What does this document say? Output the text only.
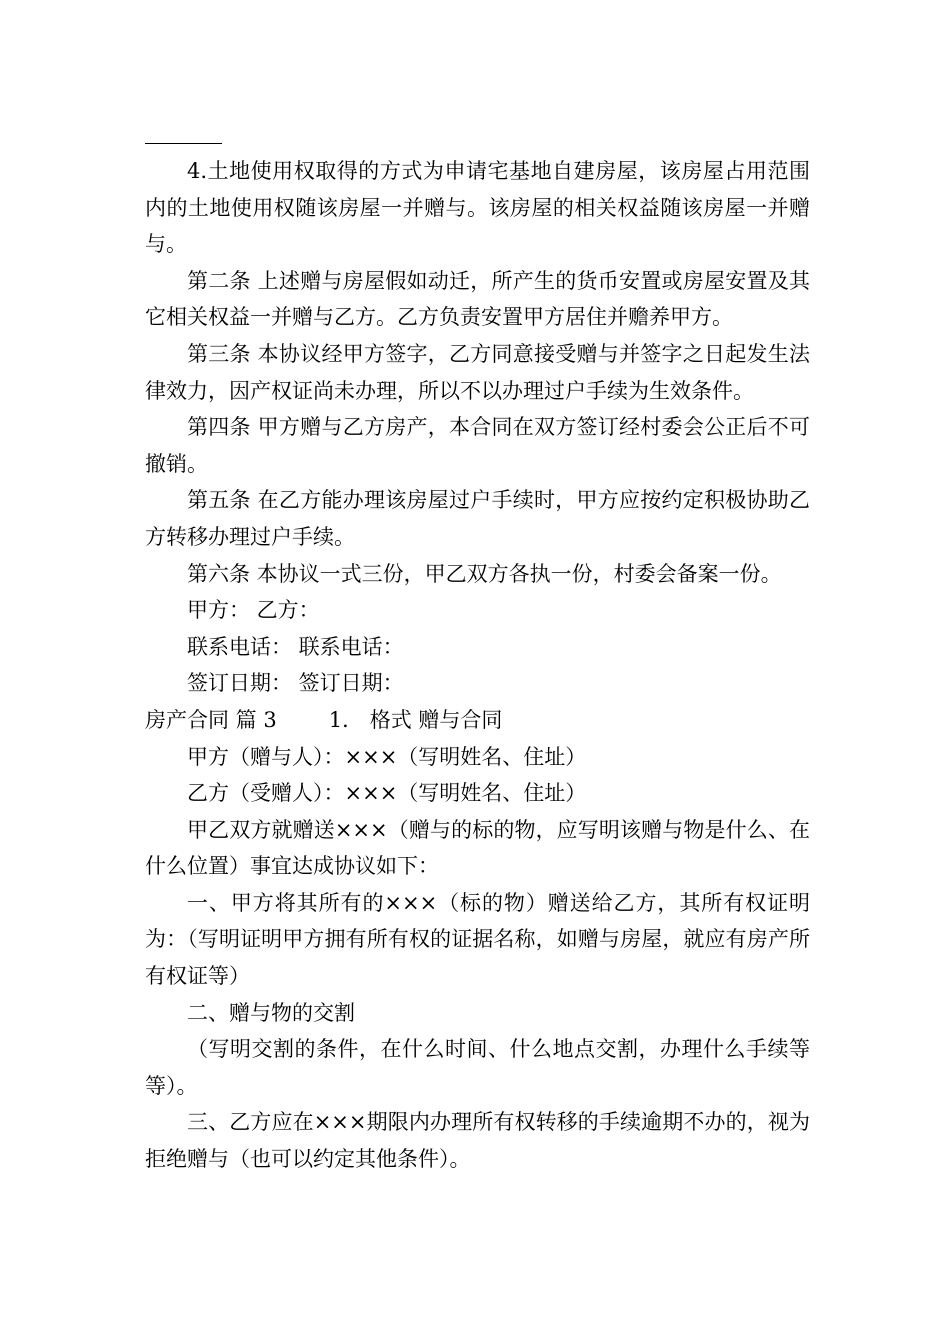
4.土地使用权取得的方式为申请宅基地自建房屋，该房屋占用范围内的土地使用权随该房屋一并赠与。该房屋的相关权益随该房屋一并赠与。

第二条 上述赠与房屋假如动迁，所产生的货币安置或房屋安置及其它相关权益一并赠与乙方。乙方负责安置甲方居住并赡养甲方。

第三条 本协议经甲方签字，乙方同意接受赠与并签字之日起发生法律效力，因产权证尚未办理，所以不以办理过户手续为生效条件。

第四条 甲方赠与乙方房产，本合同在双方签订经村委会公正后不可撤销。

第五条 在乙方能办理该房屋过户手续时，甲方应按约定积极协助乙方转移办理过户手续。

第六条 本协议一式三份，甲乙双方各执一份，村委会备案一份。

甲方： 乙方：

联系电话： 联系电话：

签订日期： 签订日期：

房产合同 篇 3 1． 格式 赠与合同

甲方（赠与人）：×××（写明姓名、住址）

乙方（受赠人）：×××（写明姓名、住址）

甲乙双方就赠送×××（赠与的标的物，应写明该赠与物是什么、在什么位置）事宜达成协议如下：

一、甲方将其所有的×××（标的物）赠送给乙方，其所有权证明为：（写明证明甲方拥有所有权的证据名称，如赠与房屋，就应有房产所有权证等）

二、赠与物的交割

（写明交割的条件，在什么时间、什么地点交割，办理什么手续等等）。

三、乙方应在×××期限内办理所有权转移的手续逾期不办的，视为拒绝赠与（也可以约定其他条件）。
